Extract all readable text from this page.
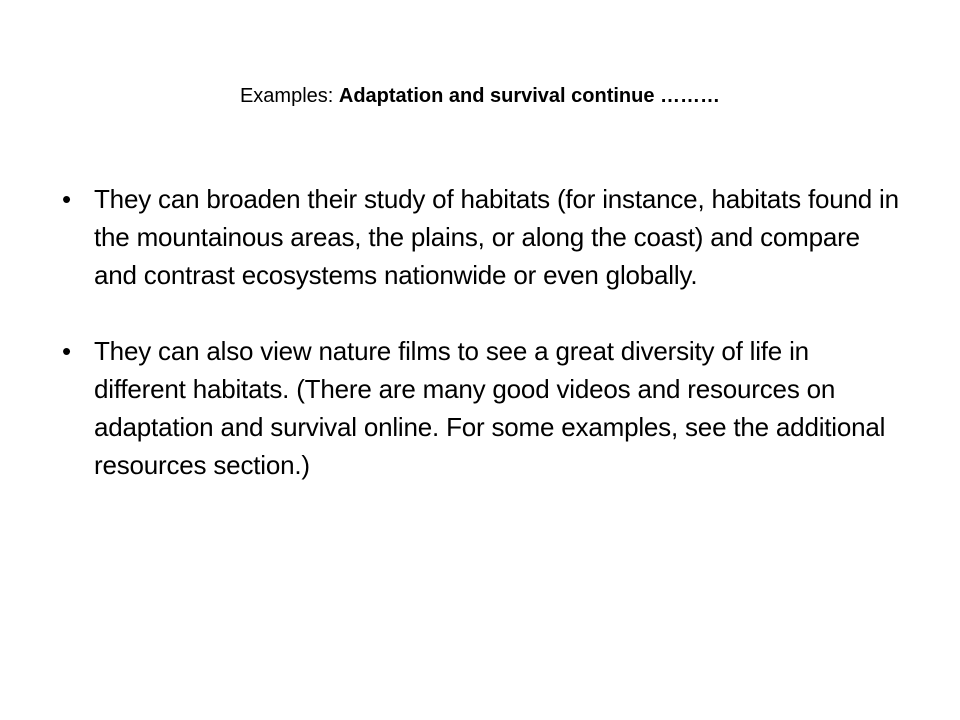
Examples: Adaptation and survival continue ………
• They can broaden their study of habitats (for instance, habitats found in the mountainous areas, the plains, or along the coast) and compare and contrast ecosystems nationwide or even globally.
• They can also view nature films to see a great diversity of life in different habitats. (There are many good videos and resources on adaptation and survival online. For some examples, see the additional resources section.)
